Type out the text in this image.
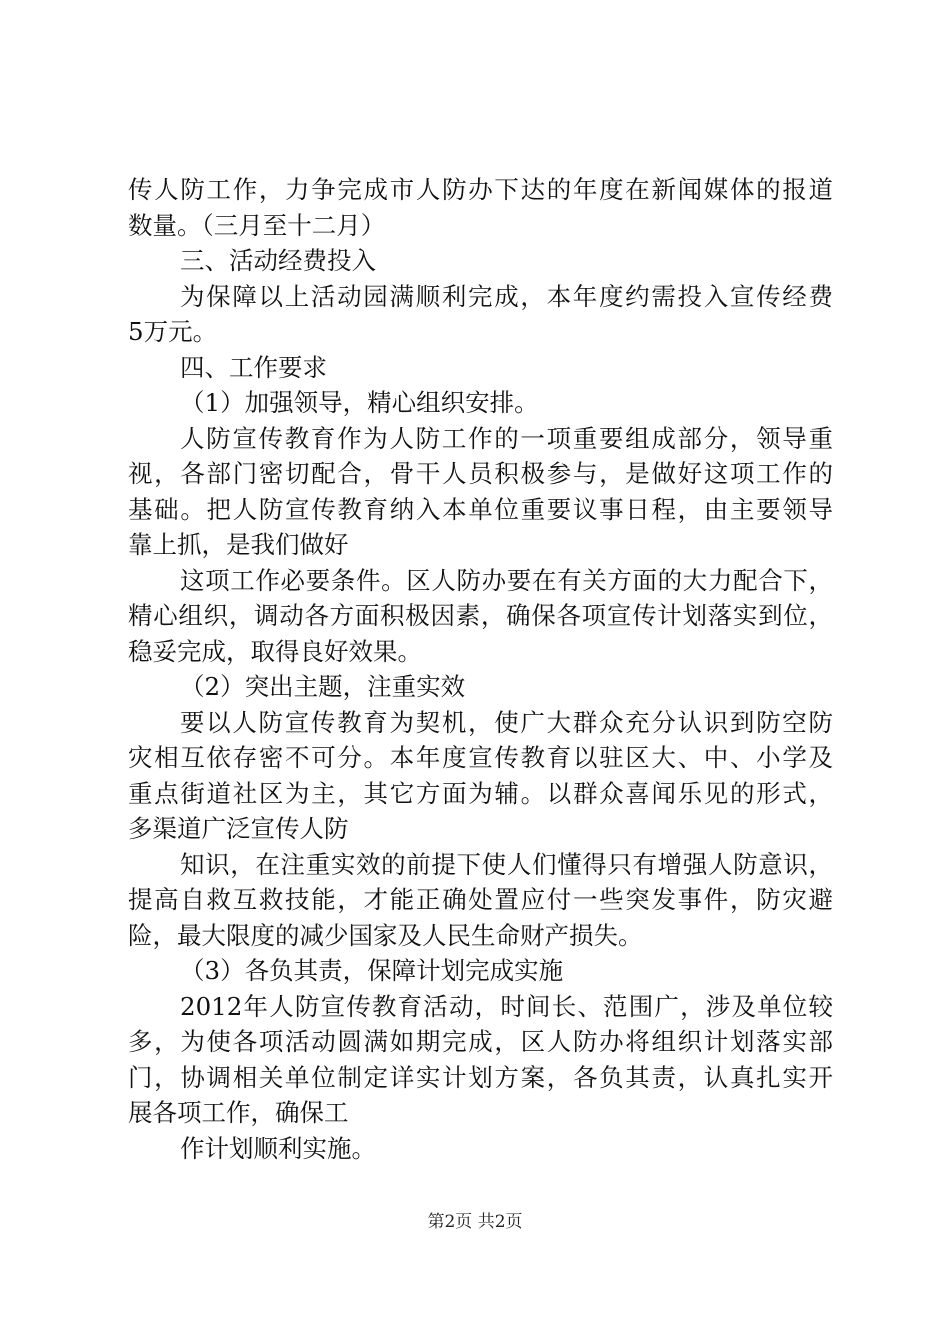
传人防工作，力争完成市人防办下达的年度在新闻媒体的报道
数量。（三月至十二月）
三、活动经费投入
为保障以上活动园满顺利完成，本年度约需投入宣传经费
5万元。
四、工作要求
（1）加强领导，精心组织安排。
人防宣传教育作为人防工作的一项重要组成部分，领导重
视，各部门密切配合，骨干人员积极参与，是做好这项工作的
基础。把人防宣传教育纳入本单位重要议事日程，由主要领导
靠上抓，是我们做好
这项工作必要条件。区人防办要在有关方面的大力配合下，
精心组织，调动各方面积极因素，确保各项宣传计划落实到位，
稳妥完成，取得良好效果。
（2）突出主题，注重实效
要以人防宣传教育为契机，使广大群众充分认识到防空防
灾相互依存密不可分。本年度宣传教育以驻区大、中、小学及
重点街道社区为主，其它方面为辅。以群众喜闻乐见的形式，
多渠道广泛宣传人防
知识，在注重实效的前提下使人们懂得只有增强人防意识，
提高自救互救技能，才能正确处置应付一些突发事件，防灾避
险，最大限度的减少国家及人民生命财产损失。
（3）各负其责，保障计划完成实施
2012年人防宣传教育活动，时间长、范围广，涉及单位较
多，为使各项活动圆满如期完成，区人防办将组织计划落实部
门，协调相关单位制定详实计划方案，各负其责，认真扎实开
展各项工作，确保工
作计划顺利实施。
第2页 共2页
